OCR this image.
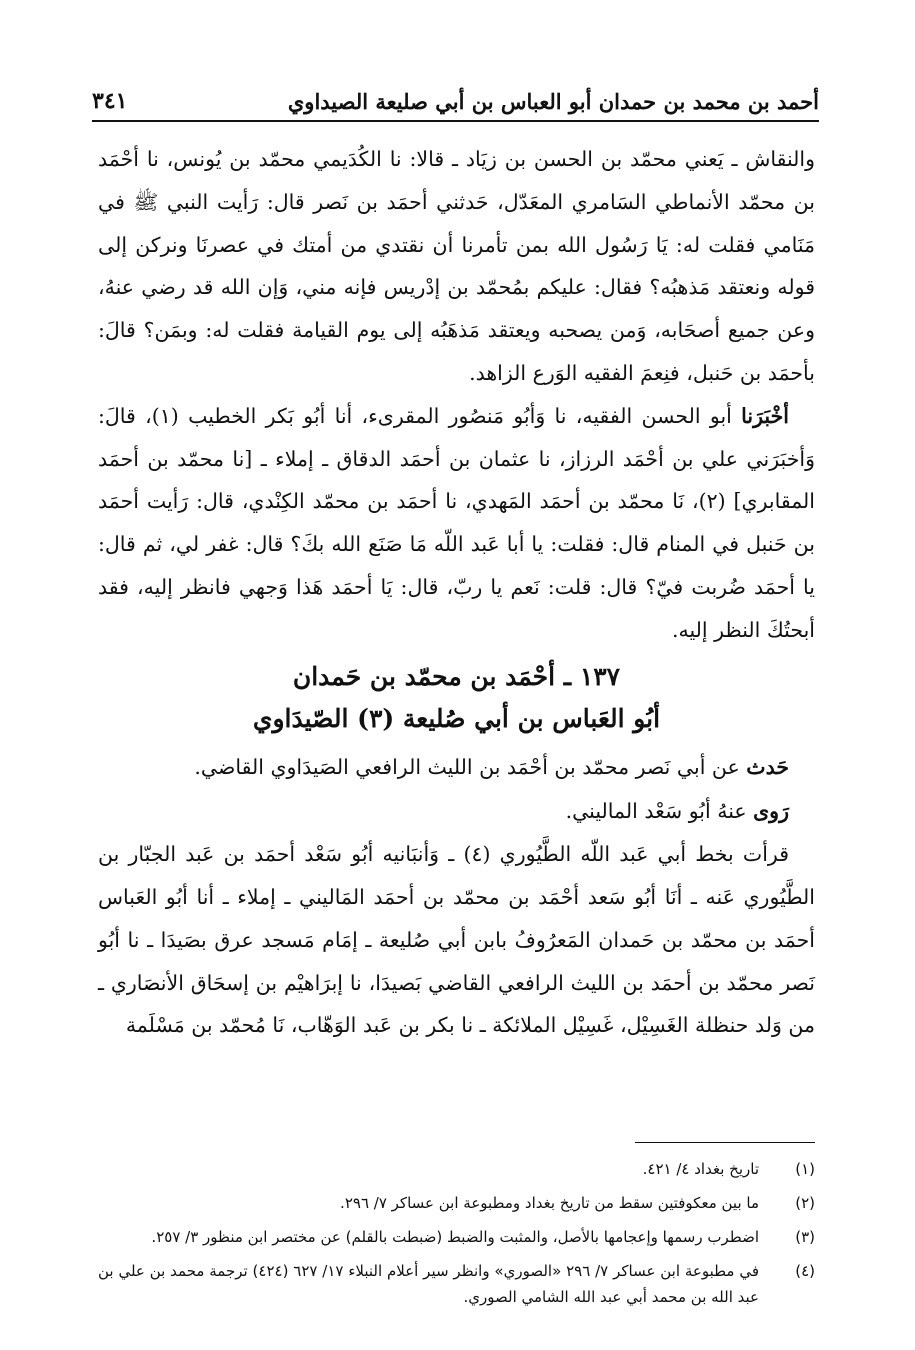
أحمد بن محمد بن حمدان أبو العباس بن أبي صليعة الصيداوي
٣٤١

والنقاش ـ يَعني محمّد بن الحسن بن زيَاد ـ قالا: نا الكُدَيمي محمّد بن يُونس، نا أحْمَد بن محمّد الأنماطي السَامري المعَدّل، حَدثني أحمَد بن نَصر قال: رَأيت النبي ﷺ في مَنَامي فقلت له: يَا رَسُول الله بمن تأمرنا أن نقتدي من أمتك في عصرنَا ونركن إلى قوله ونعتقد مَذهبُه؟ فقال: عليكم بمُحمّد بن إدْريس فإنه مني، وَإن الله قد رضي عنهُ، وعن جميع أصحَابه، وَمن يصحبه ويعتقد مَذهَبُه إلى يوم القيامة فقلت له: وبمَن؟ قالَ: بأحمَد بن حَنبل، فنِعمَ الفقيه الوَرع الزاهد.

أخْبَرَنا أبو الحسن الفقيه، نا وَأبُو مَنصُور المقرىء، أنا أبُو بَكر الخطيب (١)، قالَ: وَأخبَرَني علي بن أحْمَد الرزاز، نا عثمان بن أحمَد الدقاق ـ إملاء ـ [نا محمّد بن أحمَد المقابري] (٢)، نَا محمّد بن أحمَد المَهدي، نا أحمَد بن محمّد الكِنْدي، قال: رَأيت أحمَد بن حَنبل في المنام قال: فقلت: يا أبا عَبد اللّه مَا صَنَع الله بكَ؟ قال: غفر لي، ثم قال: يا أحمَد ضُربت فيّ؟ قال: قلت: نَعم يا ربّ، قال: يَا أحمَد هَذا وَجهي فانظر إليه، فقد أبحتُكَ النظر إليه.

١٣٧ ـ أحْمَد بن محمّد بن حَمدان
أبُو العَباس بن أبي صُليعة (٣) الصّيدَاوي

حَدث عن أبي نَصر محمّد بن أحْمَد بن الليث الرافعي الصَيدَاوي القاضي.

رَوى عنهُ أبُو سَعْد الماليني.

قرأت بخط أبي عَبد اللّه الطَّيُوري (٤) ـ وَأنبَانيه أبُو سَعْد أحمَد بن عَبد الجبّار بن الطَّيُوري عَنه ـ أنَا أبُو سَعد أحْمَد بن محمّد بن أحمَد المَاليني ـ إملاء ـ أنا أبُو العَباس أحمَد بن محمّد بن حَمدان المَعرُوفُ بابن أبي صُليعة ـ إمَام مَسجد عرق بصَيدَا ـ نا أبُو نَصر محمّد بن أحمَد بن الليث الرافعي القاضي بَصيدَا، نا إبرَاهيْم بن إسحَاق الأنصَاري ـ من وَلد حنظلة الغَسِيْل، غَسِيْل الملائكة ـ نا بكر بن عَبد الوَهّاب، نَا مُحمّد بن مَسْلَمة

(١)
تاريخ بغداد ٤/ ٤٢١.
(٢)
ما بين معكوفتين سقط من تاريخ بغداد ومطبوعة ابن عساكر ٧/ ٢٩٦.
(٣)
اضطرب رسمها وإعجامها بالأصل، والمثبت والضبط (ضبطت بالقلم) عن مختصر ابن منظور ٣/ ٢٥٧.
(٤)
في مطبوعة ابن عساكر ٧/ ٢٩٦ «الصوري» وانظر سير أعلام النبلاء ١٧/ ٦٢٧ (٤٢٤) ترجمة محمد بن علي بن عبد الله بن محمد أبي عبد الله الشامي الصوري.
